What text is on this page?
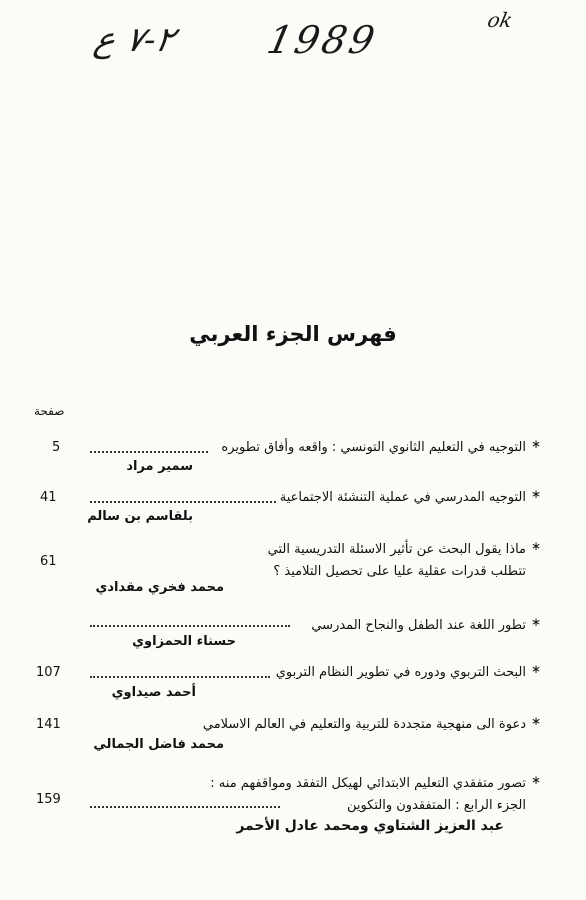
٢-٧ ع 1989	ok
فهرس الجزء العربي
صفحة
∗
التوجيه في التعليم الثانوي التونسي : واقعه وأفاق تطويره
5
سمير مراد
∗
التوجيه المدرسي في عملية التنشئة الاجتماعية
41
بلقاسم بن سالم
∗
ماذا يقول البحث عن تأثير الاسئلة التدريسية التي
تتطلب قدرات عقلية عليا على تحصيل التلاميذ ؟
61
محمد فخري مقدادي
∗
تطور اللغة عند الطفل والنجاح المدرسي
حسناء الحمزاوي
∗
البحث التربوي ودوره في تطوير النظام التربوي
107
أحمد صيداوي
∗
دعوة الى منهجية متجددة للتربية والتعليم في العالم الاسلامي
141
محمد فاضل الجمالي
∗
تصور متفقدي التعليم الابتدائي لهيكل التفقد ومواقفهم منه :
الجزء الرابع : المتفقدون والتكوين
159
عبد العزيز الشتاوي ومحمد عادل الأحمر
